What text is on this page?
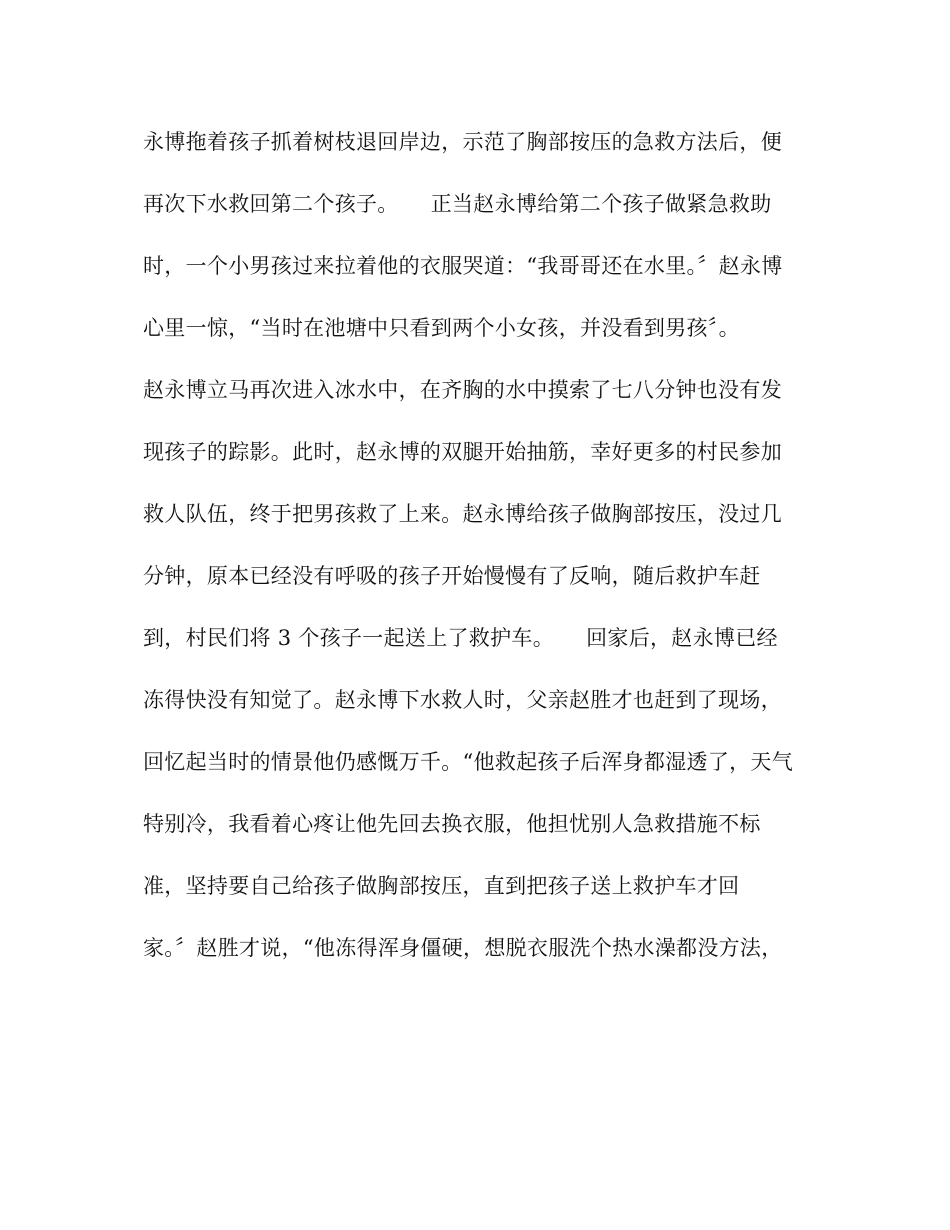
永博拖着孩子抓着树枝退回岸边，示范了胸部按压的急救方法后，便
再次下水救回第二个孩子。　　正当赵永博给第二个孩子做紧急救助
时，一个小男孩过来拉着他的衣服哭道：“我哥哥还在水里。〞赵永博
心里一惊，“当时在池塘中只看到两个小女孩，并没看到男孩〞。
赵永博立马再次进入冰水中，在齐胸的水中摸索了七八分钟也没有发
现孩子的踪影。此时，赵永博的双腿开始抽筋，幸好更多的村民参加
救人队伍，终于把男孩救了上来。赵永博给孩子做胸部按压，没过几
分钟，原本已经没有呼吸的孩子开始慢慢有了反响，随后救护车赶
到，村民们将 3 个孩子一起送上了救护车。　　回家后，赵永博已经
冻得快没有知觉了。赵永博下水救人时，父亲赵胜才也赶到了现场，
回忆起当时的情景他仍感慨万千。“他救起孩子后浑身都湿透了，天气
特别冷，我看着心疼让他先回去换衣服，他担忧别人急救措施不标
准，坚持要自己给孩子做胸部按压，直到把孩子送上救护车才回
家。〞赵胜才说，“他冻得浑身僵硬，想脱衣服洗个热水澡都没方法，
